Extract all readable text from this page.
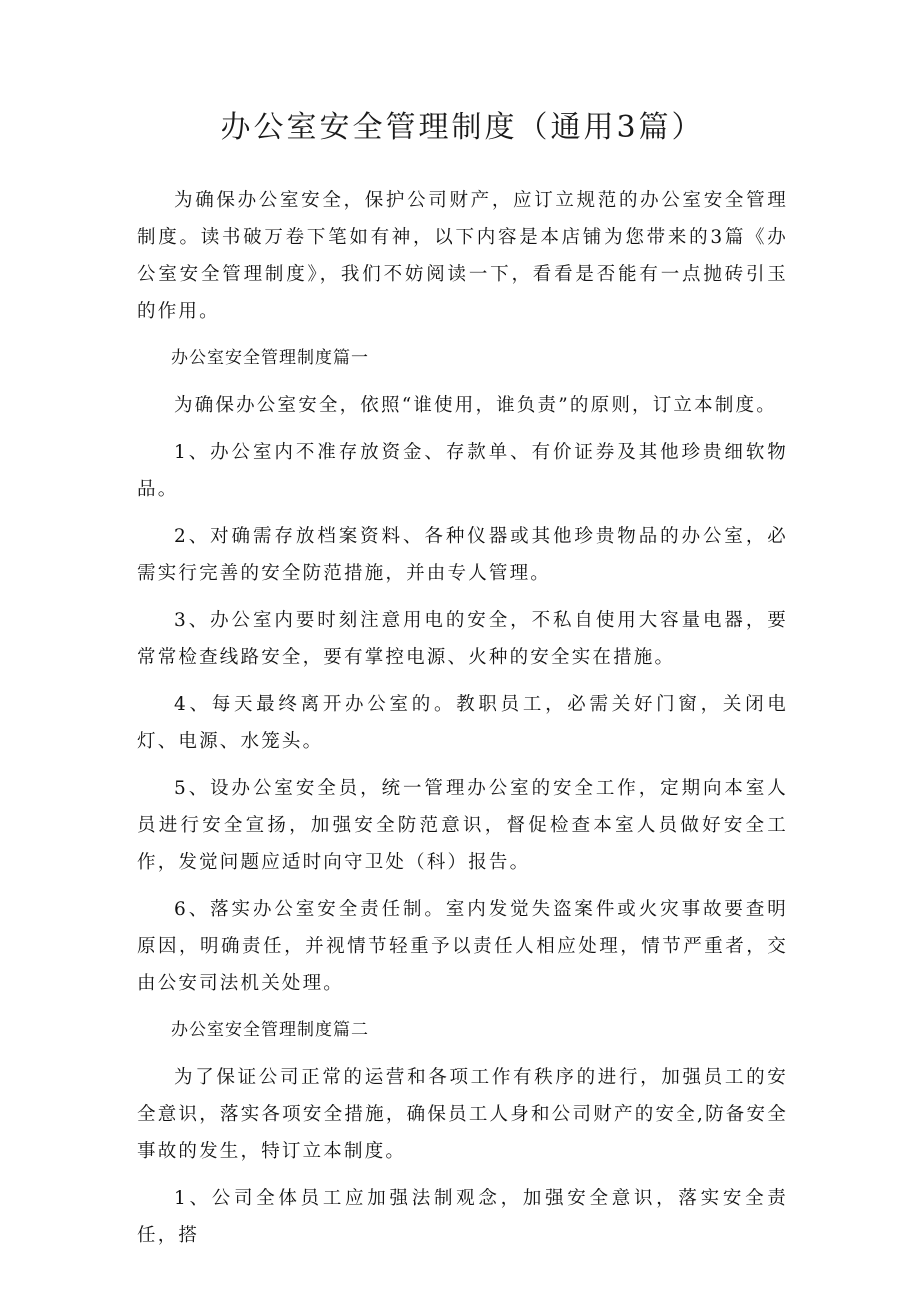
办公室安全管理制度（通用3篇）

为确保办公室安全，保护公司财产，应订立规范的办公室安全管理制度。读书破万卷下笔如有神，以下内容是本店铺为您带来的3篇《办公室安全管理制度》，我们不妨阅读一下，看看是否能有一点抛砖引玉的作用。

办公室安全管理制度篇一

为确保办公室安全，依照“谁使用，谁负责”的原则，订立本制度。

1、办公室内不准存放资金、存款单、有价证券及其他珍贵细软物品。

2、对确需存放档案资料、各种仪器或其他珍贵物品的办公室，必需实行完善的安全防范措施，并由专人管理。

3、办公室内要时刻注意用电的安全，不私自使用大容量电器，要常常检查线路安全，要有掌控电源、火种的安全实在措施。

4、每天最终离开办公室的。教职员工，必需关好门窗，关闭电灯、电源、水笼头。

5、设办公室安全员，统一管理办公室的安全工作，定期向本室人员进行安全宣扬，加强安全防范意识，督促检查本室人员做好安全工作，发觉问题应适时向守卫处（科）报告。

6、落实办公室安全责任制。室内发觉失盗案件或火灾事故要查明原因，明确责任，并视情节轻重予以责任人相应处理，情节严重者，交由公安司法机关处理。

办公室安全管理制度篇二

为了保证公司正常的运营和各项工作有秩序的进行，加强员工的安全意识，落实各项安全措施，确保员工人身和公司财产的安全,防备安全事故的发生，特订立本制度。

1、公司全体员工应加强法制观念，加强安全意识，落实安全责任，搭
